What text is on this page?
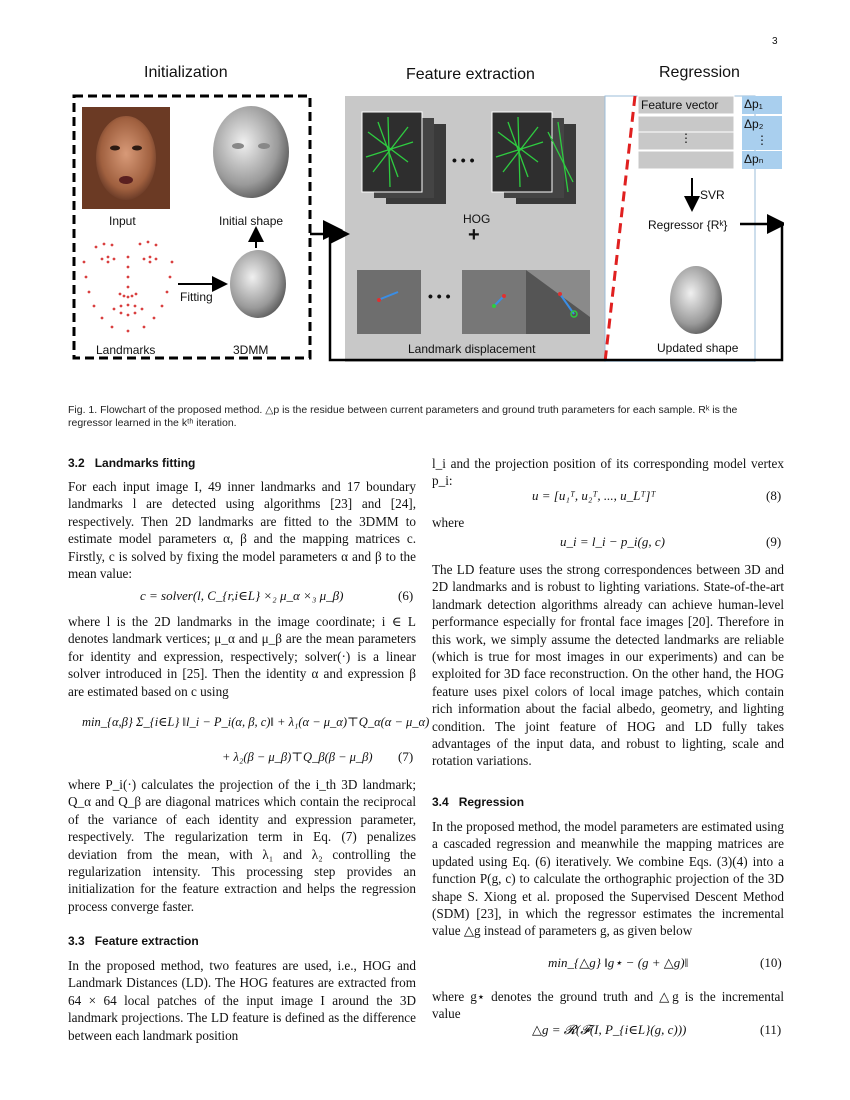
3
Initialization	Feature extraction	Regression
Input	Initial shape
Fitting
Landmarks	3DMM
• • •
HOG
+
• • •
Landmark displacement
Feature vector
⋮
Δp₁
Δp₂
⋮
Δpₙ
SVR
Regressor {Rᵏ}
Updated shape
Fig. 1. Flowchart of the proposed method. △p is the residue between current parameters and ground truth parameters for each sample. Rᵏ is the regressor learned in the kᵗʰ iteration.

3.2 Landmarks fitting

For each input image I, 49 inner landmarks and 17 boundary landmarks l are detected using algorithms [23] and [24], respectively. Then 2D landmarks are fitted to the 3DMM to estimate model parameters α, β and the mapping matrices c. Firstly, c is solved by fixing the model parameters α and β to the mean value:
c = solver(l, C_{r,i∈L} ×₂ μ_α ×₃ μ_β)	(6)
where l is the 2D landmarks in the image coordinate; i ∈ L denotes landmark vertices; μ_α and μ_β are the mean parameters for identity and expression, respectively; solver(·) is a linear solver introduced in [25]. Then the identity α and expression β are estimated based on c using
min_{α,β} Σ_{i∈L} ‖l_i − P_i(α, β, c)‖ + λ₁(α − μ_α)⊤Q_α(α − μ_α)
+ λ₂(β − μ_β)⊤Q_β(β − μ_β) (7)
where P_i(·) calculates the projection of the i_th 3D landmark; Q_α and Q_β are diagonal matrices which contain the reciprocal of the variance of each identity and expression parameter, respectively. The regularization term in Eq. (7) penalizes deviation from the mean, with λ₁ and λ₂ controlling the regularization intensity. This processing step provides an initialization for the feature extraction and helps the regression process converge faster.

3.3 Feature extraction

In the proposed method, two features are used, i.e., HOG and Landmark Distances (LD). The HOG features are extracted from 64 × 64 local patches of the input image I around the 3D landmark projections. The LD feature is defined as the difference between each landmark position
l_i and the projection position of its corresponding model vertex p_i:
u = [u₁ᵀ, u₂ᵀ, ..., u_Lᵀ]ᵀ	(8)
where
u_i = l_i − p_i(g, c)	(9)
The LD feature uses the strong correspondences between 3D and 2D landmarks and is robust to lighting variations. State-of-the-art landmark detection algorithms already can achieve human-level performance especially for frontal face images [20]. Therefore in this work, we simply assume the detected landmarks are reliable (which is true for most images in our experiments) and can be exploited for 3D face reconstruction. On the other hand, the HOG feature uses pixel colors of local image patches, which contain rich information about the facial albedo, geometry, and lighting condition. The joint feature of HOG and LD fully takes advantages of the input data, and robust to lighting, scale and rotation variations.

3.4 Regression

In the proposed method, the model parameters are estimated using a cascaded regression and meanwhile the mapping matrices are updated using Eq. (6) iteratively. We combine Eqs. (3)(4) into a function P(g, c) to calculate the orthographic projection of the 3D shape S. Xiong et al. proposed the Supervised Descent Method (SDM) [23], in which the regressor estimates the incremental value △g instead of parameters g, as given below
min_{△g} ‖g⋆ − (g + △g)‖	(10)
where g⋆ denotes the ground truth and △g is the incremental value
△g = 𝓡(𝓕(I, P_{i∈L}(g, c)))	(11)
